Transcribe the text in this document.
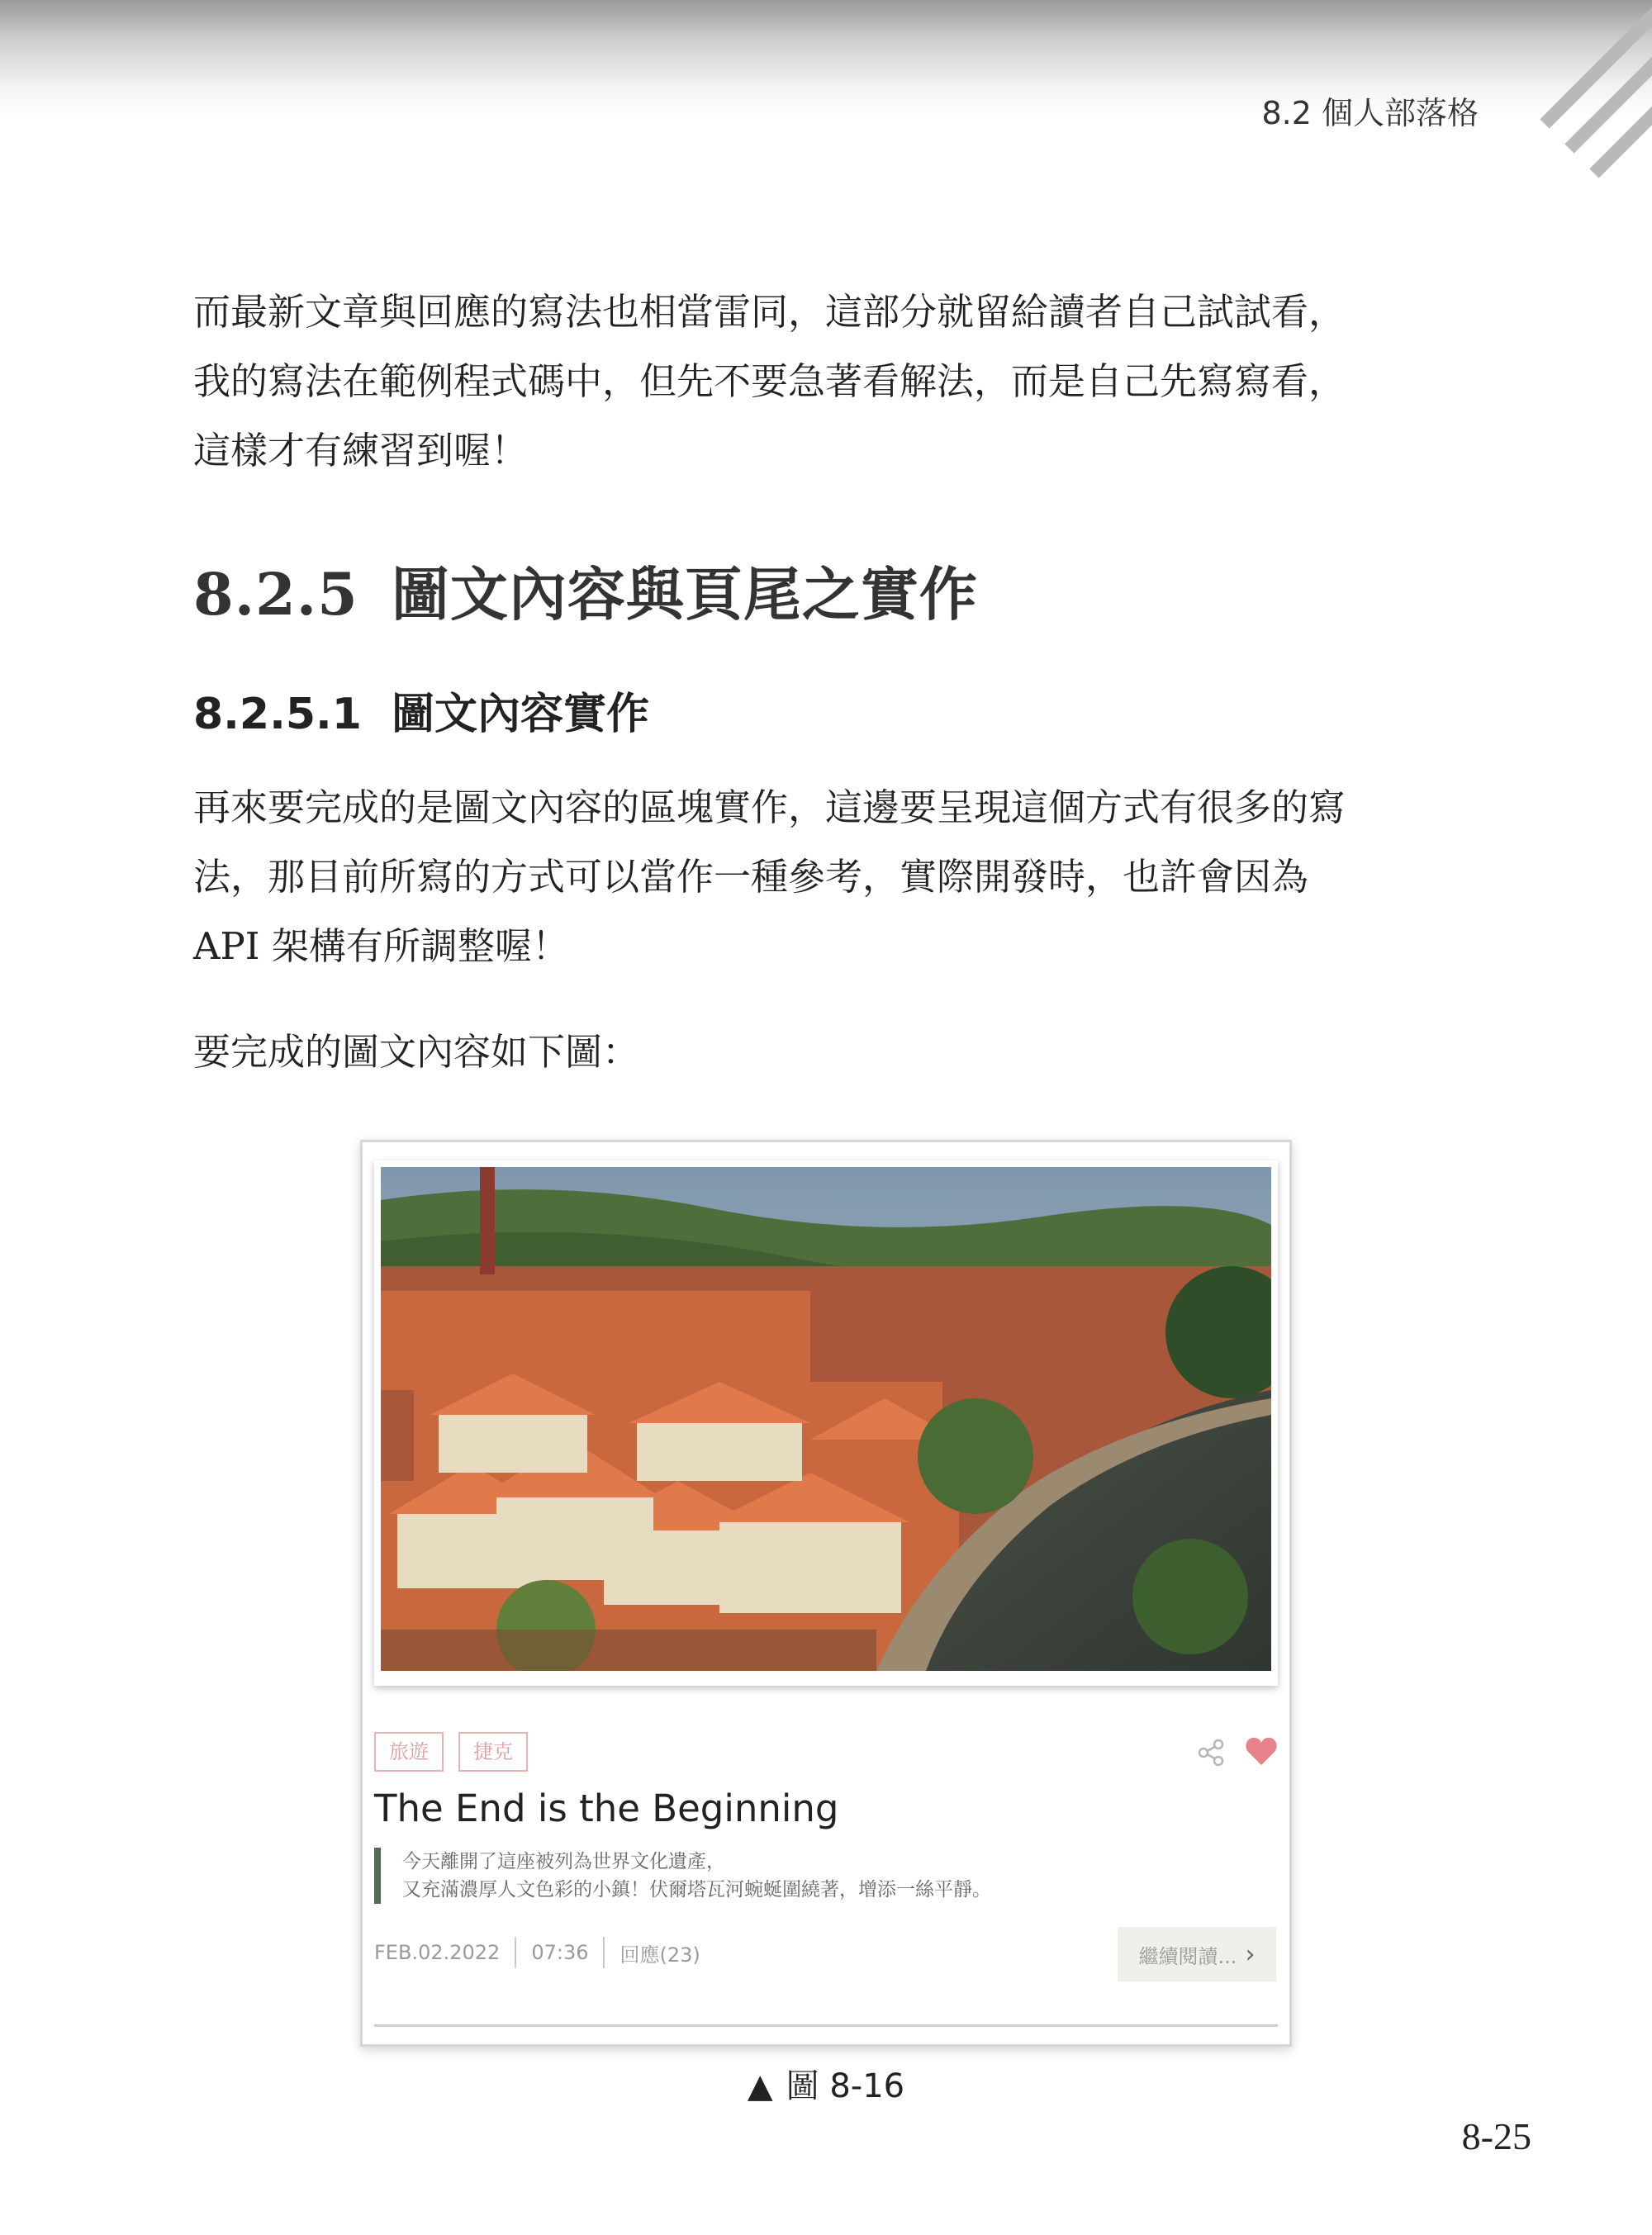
8.2 個人部落格
而最新文章與回應的寫法也相當雷同，這部分就留給讀者自己試試看，
我的寫法在範例程式碼中，但先不要急著看解法，而是自己先寫寫看，
這樣才有練習到喔！
8.2.5 圖文內容與頁尾之實作
8.2.5.1 圖文內容實作
再來要完成的是圖文內容的區塊實作，這邊要呈現這個方式有很多的寫
法，那目前所寫的方式可以當作一種參考，實際開發時，也許會因為
API 架構有所調整喔！
要完成的圖文內容如下圖：
旅遊	捷克
The End is the Beginning
今天離開了這座被列為世界文化遺產，
又充滿濃厚人文色彩的小鎮！伏爾塔瓦河蜿蜒圍繞著，增添一絲平靜。
FEB.02.2022 07:36 回應(23)	繼續閱讀... ›
▲ 圖 8-16
8-25
